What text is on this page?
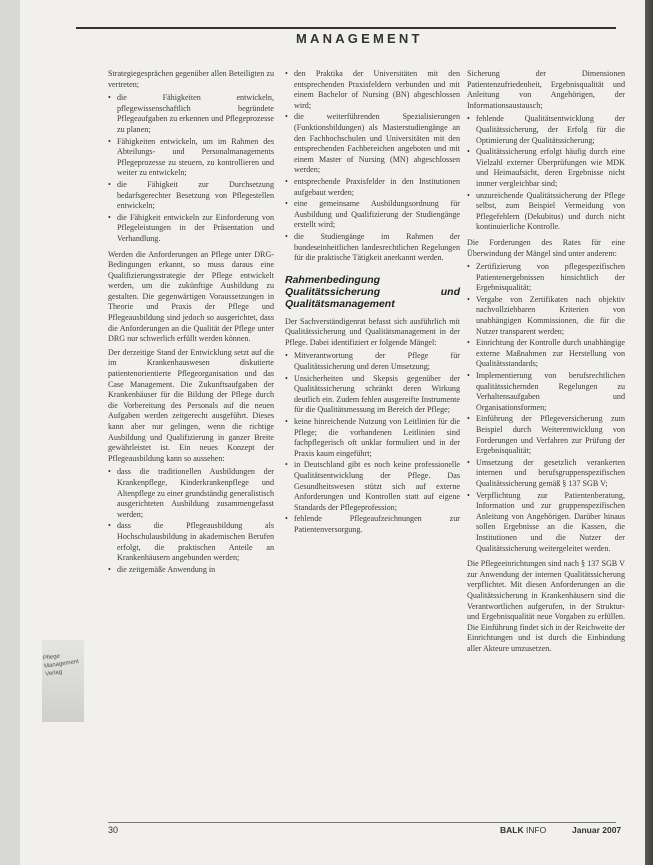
MANAGEMENT

Strategiegesprächen gegenüber allen Beteiligten zu vertreten;

• die Fähigkeiten entwickeln, pflegewissenschaftlich begründete Pflegeaufgaben zu erkennen und Pflegeprozesse zu planen;
• Fähigkeiten entwickeln, um im Rahmen des Abteilungs- und Personalmanagements Pflegeprozesse zu steuern, zu kontrollieren und weiter zu entwickeln;
• die Fähigkeit zur Durchsetzung bedarfsgerechter Besetzung von Pflegestellen entwickeln;
• die Fähigkeit entwickeln zur Einforderung von Pflegeleistungen in der Präsentation und Verhandlung.

Werden die Anforderungen an Pflege unter DRG-Bedingungen erkannt, so muss daraus eine Qualifizierungsstrategie der Pflege entwickelt werden, um die zukünftige Ausbildung zu gestalten. Die gegenwärtigen Voraussetzungen in Theorie und Praxis der Pflege und Pflegeausbildung sind jedoch so ausgerichtet, dass die Anforderungen an die Qualität der Pflege unter DRG nur schwerlich erfüllt werden können.

Der derzeitige Stand der Entwicklung setzt auf die im Krankenhauswesen diskutierte patientenorientierte Pflegeorganisation und das Case Management. Die Zukunftsaufgaben der Krankenhäuser für die Bildung der Pflege durch die Vorbereitung des Personals auf die neuen Aufgaben werden zeitgerecht ausgeführt. Dieses kann aber nur gelingen, wenn die richtige Ausbildung und Qualifizierung in ganzer Breite gewährleistet ist. Ein neues Konzept der Pflegeausbildung kann so aussehen:

• dass die traditionellen Ausbildungen der Krankenpflege, Kinderkrankenpflege und Altenpflege zu einer grundständig generalistisch ausgerichteten Ausbildung zusammengefasst werden;
• dass die Pflegeausbildung als Hochschulausbildung in akademischen Berufen erfolgt, die praktischen Anteile an Krankenhäusern angebunden werden;
• die zeitgemäße Anwendung in
• den Praktika der Universitäten mit den entsprechenden Praxisfeldern verbunden und mit einem Bachelor of Nursing (BN) abgeschlossen wird;
• die weiterführenden Spezialisierungen (Funktionsbildungen) als Masterstudiengänge an den Fachhochschulen und Universitäten mit den entsprechenden Fachbereichen angeboten und mit einem Master of Nursing (MN) abgeschlossen werden;
• entsprechende Praxisfelder in den Institutionen aufgebaut werden;
• eine gemeinsame Ausbildungsordnung für Ausbildung und Qualifizierung der Studiengänge erstellt wird;
• die Studiengänge im Rahmen der bundeseinheitlichen landesrechtlichen Regelungen für die praktische Tätigkeit anerkannt werden.
Rahmenbedingung Qualitätssicherung und Qualitätsmanagement

Der Sachverständigenrat befasst sich ausführlich mit Qualitätssicherung und Qualitätsmanagement in der Pflege. Dabei identifiziert er folgende Mängel:

• Mitverantwortung der Pflege für Qualitätssicherung und deren Umsetzung;
• Unsicherheiten und Skepsis gegenüber der Qualitätssicherung schränkt deren Wirkung deutlich ein. Zudem fehlen ausgereifte Instrumente für die Qualitätsmessung im Bereich der Pflege;
• keine hinreichende Nutzung von Leitlinien für die Pflege; die vorhandenen Leitlinien sind fachpflegerisch oft unklar formuliert und in der Praxis kaum eingeführt;
• in Deutschland gibt es noch keine professionelle Qualitätsentwicklung der Pflege. Das Gesundheitswesen stützt sich auf externe Anforderungen und Kontrollen statt auf eigene Standards der Pflegeprofession;
• fehlende Pflegeaufzeichnungen zur Patientenversorgung.

Sicherung der Dimensionen Patientenzufriedenheit, Ergebnisqualität und Anleitung von Angehörigen, der Informationsaustausch;

• fehlende Qualitätsentwicklung der Qualitätssicherung, der Erfolg für die Optimierung der Qualitätssicherung;
• Qualitätssicherung erfolgt häufig durch eine Vielzahl externer Überprüfungen wie MDK und Heimaufsicht, deren Ergebnisse nicht immer vergleichbar sind;
• unzureichende Qualitätssicherung der Pflege selbst, zum Beispiel Vermeidung von Pflegefehlern (Dekubitus) und durch nicht kontinuierliche Kontrolle.

Die Forderungen des Rates für eine Überwindung der Mängel sind unter anderem:

• Zertifizierung von pflegespezifischen Patientenergebnissen hinsichtlich der Ergebnisqualität;
• Vergabe von Zertifikaten nach objektiv nachvollziehbaren Kriterien von unabhängigen Kommissionen, die für die Nutzer transparent werden;
• Einrichtung der Kontrolle durch unabhängige externe Maßnahmen zur Herstellung von Qualitätsstandards;
• Implementierung von berufsrechtlichen qualitätssichernden Regelungen zu Verhaltensaufgaben und Organisationsformen;
• Einführung der Pflegeversicherung zum Beispiel durch Weiterentwicklung von Forderungen und Verfahren zur Prüfung der Ergebnisqualität;
• Umsetzung der gesetzlich verankerten internen und berufsgruppenspezifischen Qualitätssicherung gemäß § 137 SGB V;
• Verpflichtung zur Patientenberatung, Information und zur gruppenspezifischen Anleitung von Angehörigen. Darüber hinaus sollen Ergebnisse an die Kassen, die Institutionen und die Nutzer der Qualitätssicherung weitergeleitet werden.

Die Pflegeeinrichtungen sind nach § 137 SGB V zur Anwendung der internen Qualitätssicherung verpflichtet. Mit diesen Anforderungen an die Qualitätssicherung in Krankenhäusern sind die Verantwortlichen aufgerufen, in der Struktur- und Ergebnisqualität neue Vorgaben zu erfüllen. Die Einführung findet sich in der Reichweite der Einrichtungen und ist durch die Einbindung aller Akteure umzusetzen.

Pflege Management Verlag
30	BALK INFO	Januar 2007
